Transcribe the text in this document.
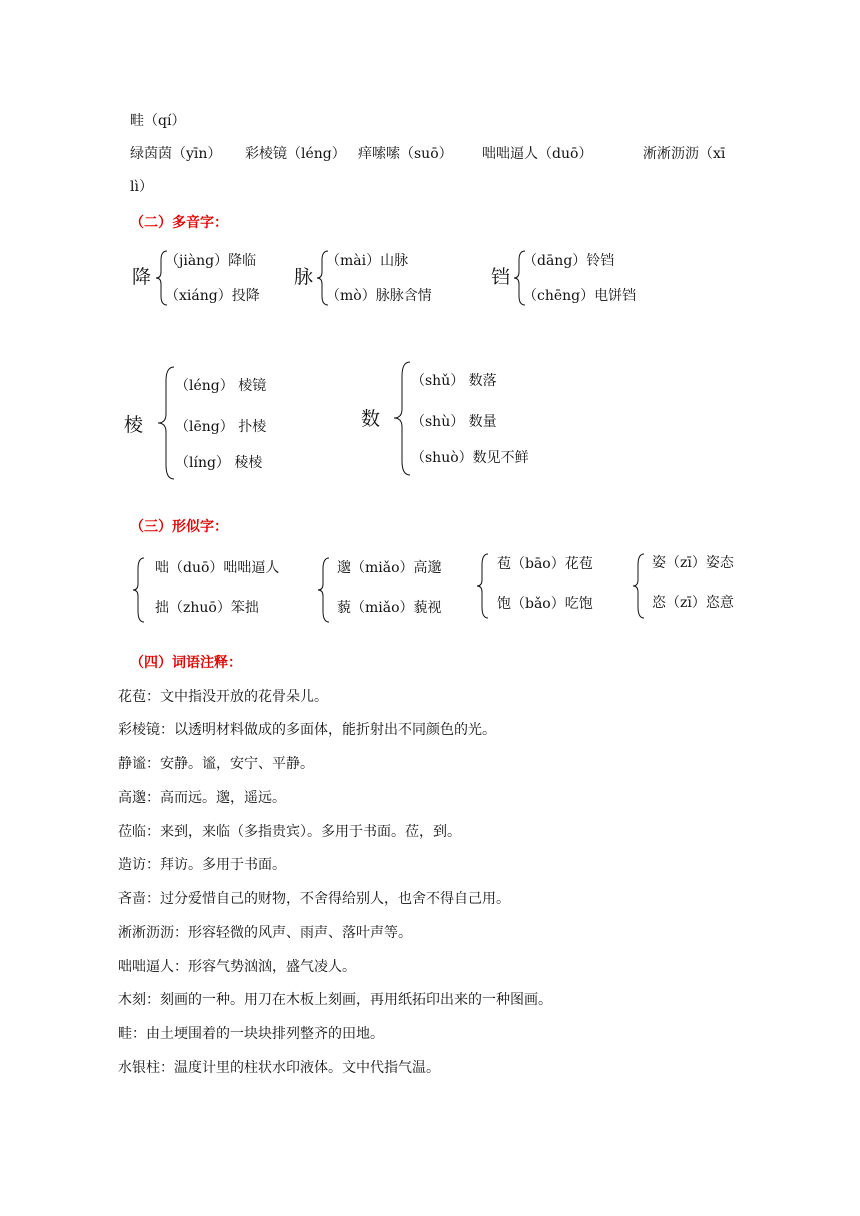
畦（qí）
绿茵茵（yīn） 彩棱镜（léng） 痒嗦嗦（suō） 咄咄逼人（duō）	淅淅沥沥（xī
lì）
（二）多音字：
降
（jiàng）降临
（xiáng）投降
脉
（mài）山脉
（mò）脉脉含情
铛
（dāng）铃铛
（chēng）电饼铛
棱
（léng） 棱镜
（lēng） 扑棱
（líng） 稜棱
数
（shǔ） 数落
（shù） 数量
（shuò）数见不鲜
（三）形似字：
咄（duō）咄咄逼人
拙（zhuō）笨拙
邈（miǎo）高邈
藐（miǎo）藐视
苞（bāo）花苞
饱（bǎo）吃饱
姿（zī）姿态
恣（zī）恣意
（四）词语注释：
花苞：文中指没开放的花骨朵儿。
彩棱镜：以透明材料做成的多面体，能折射出不同颜色的光。
静谧：安静。谧，安宁、平静。
高邈：高而远。邈，遥远。
莅临：来到，来临（多指贵宾）。多用于书面。莅，到。
造访：拜访。多用于书面。
吝啬：过分爱惜自己的财物，不舍得给别人，也舍不得自己用。
淅淅沥沥：形容轻微的风声、雨声、落叶声等。
咄咄逼人：形容气势汹汹，盛气凌人。
木刻：刻画的一种。用刀在木板上刻画，再用纸拓印出来的一种图画。
畦：由土埂围着的一块块排列整齐的田地。
水银柱：温度计里的柱状水印液体。文中代指气温。
